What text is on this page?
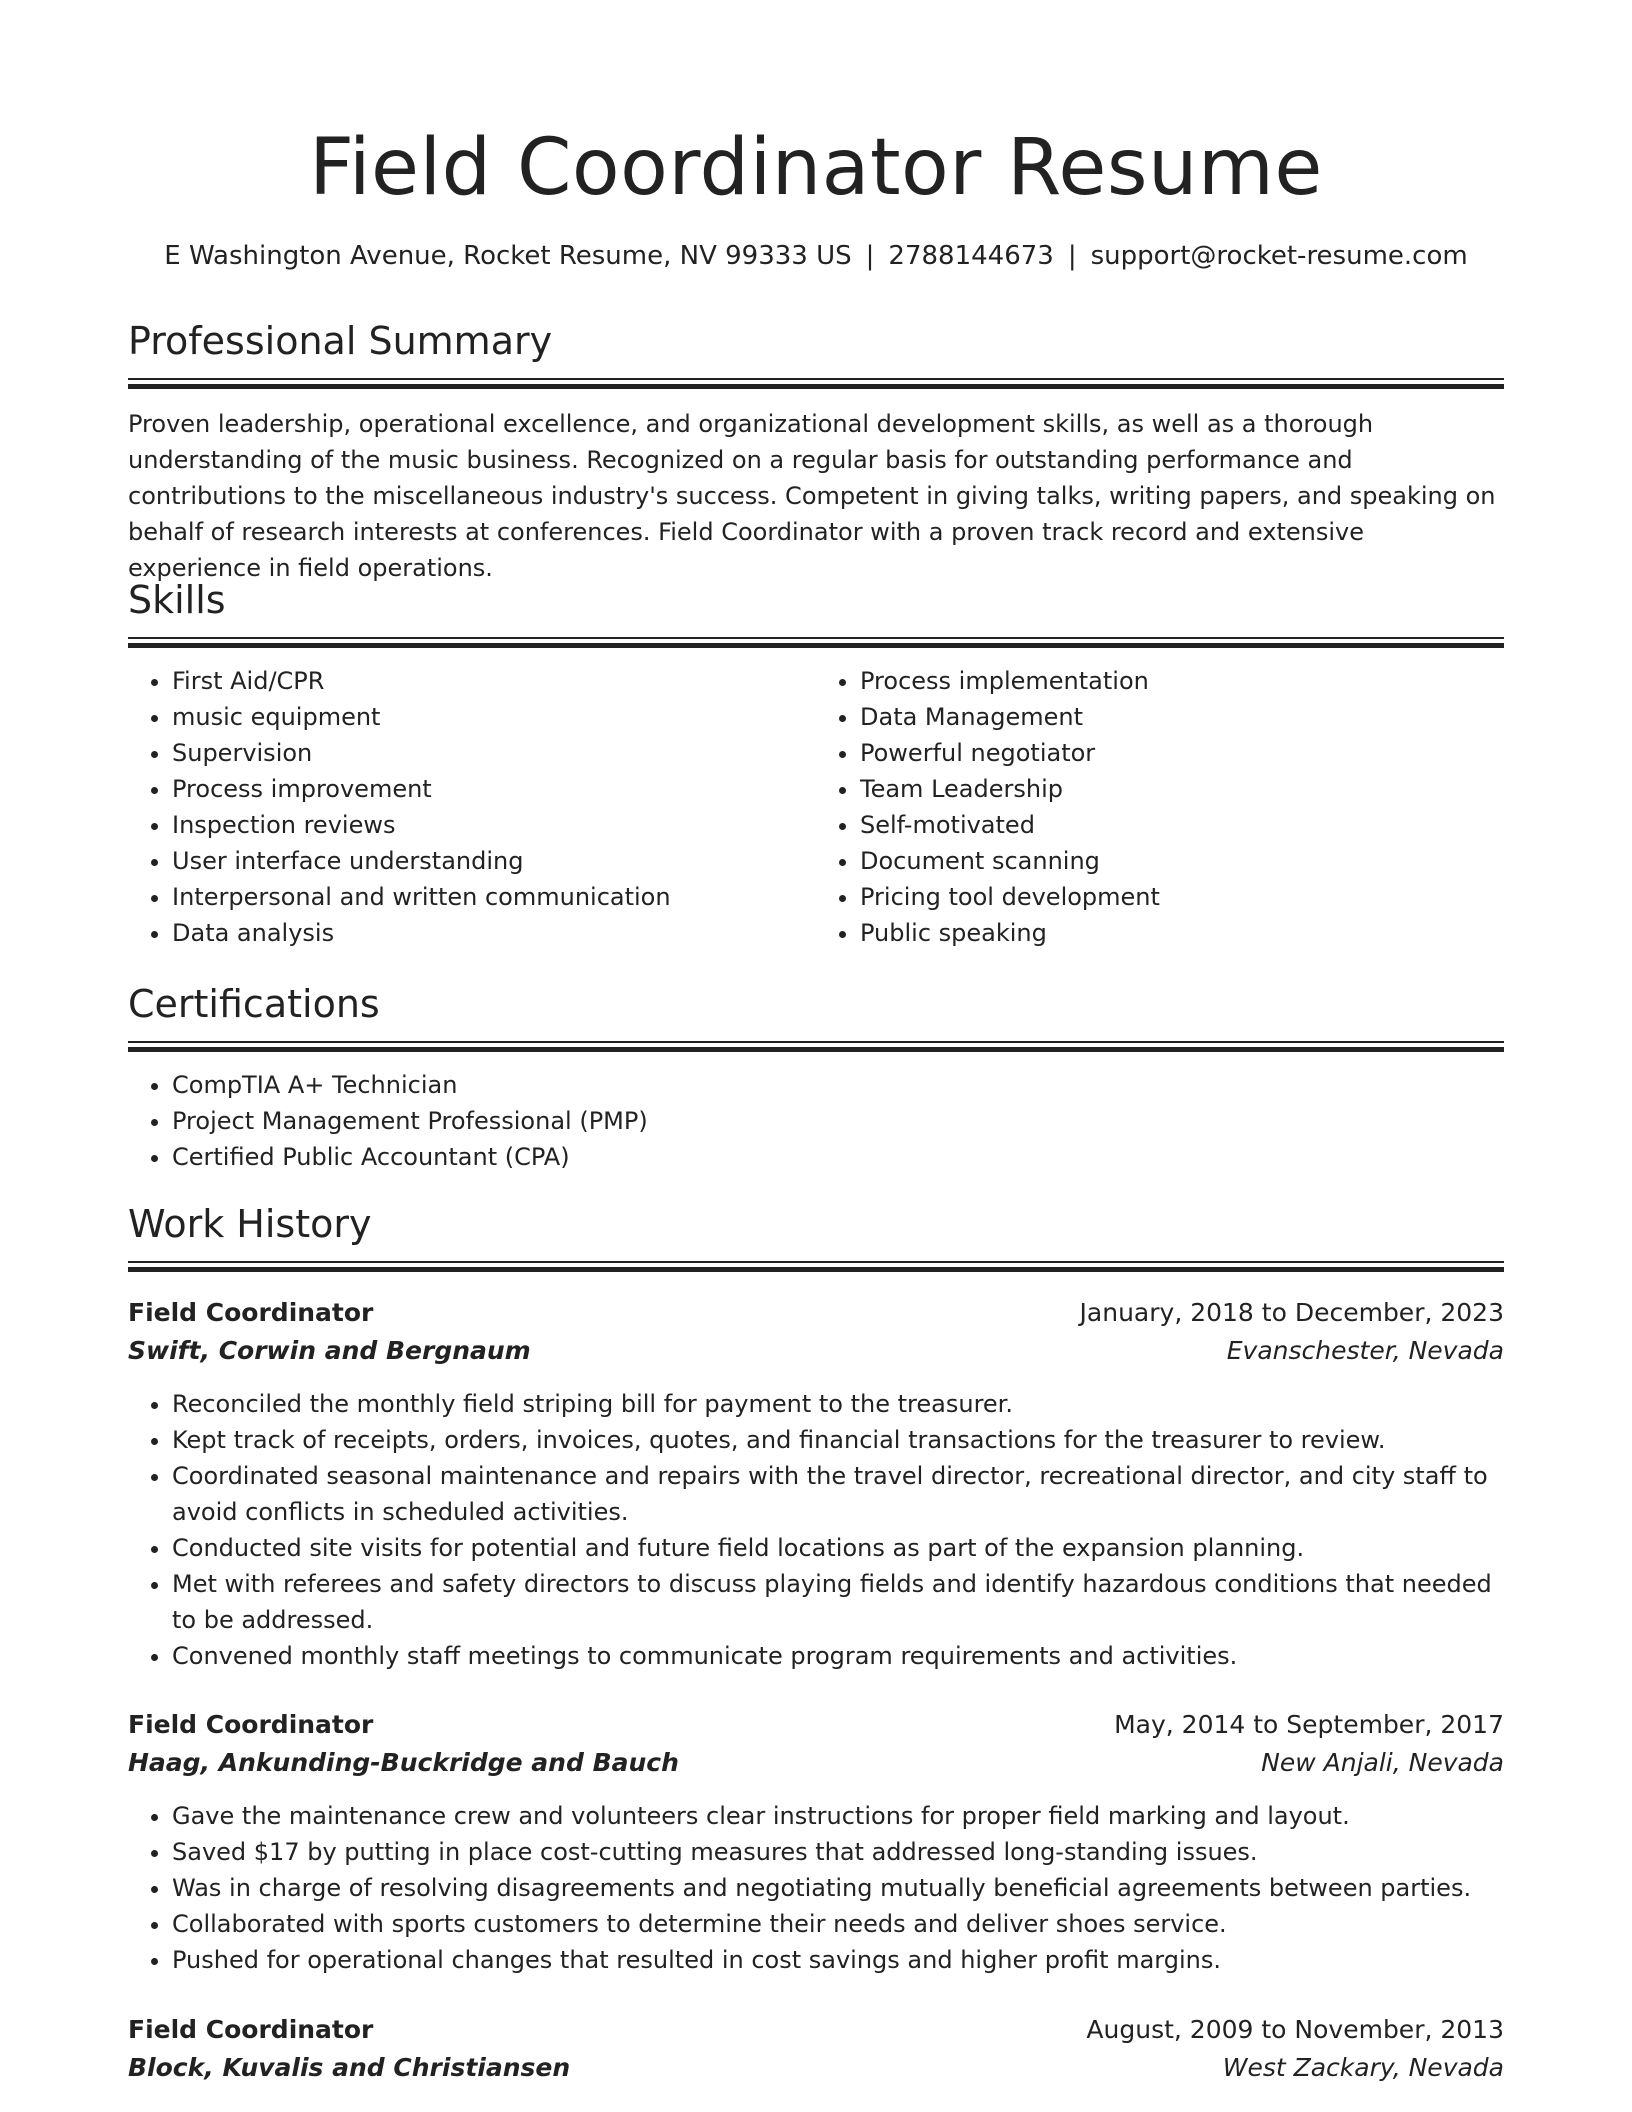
Field Coordinator Resume
E Washington Avenue, Rocket Resume, NV 99333 US | 2788144673 | support@rocket-resume.com
Professional Summary

Proven leadership, operational excellence, and organizational development skills, as well as a thorough understanding of the music business. Recognized on a regular basis for outstanding performance and contributions to the miscellaneous industry's success. Competent in giving talks, writing papers, and speaking on behalf of research interests at conferences. Field Coordinator with a proven track record and extensive experience in field operations.

Skills
• First Aid/CPR
• music equipment
• Supervision
• Process improvement
• Inspection reviews
• User interface understanding
• Interpersonal and written communication
• Data analysis
• Process implementation
• Data Management
• Powerful negotiator
• Team Leadership
• Self-motivated
• Document scanning
• Pricing tool development
• Public speaking
Certifications
• CompTIA A+ Technician
• Project Management Professional (PMP)
• Certified Public Accountant (CPA)
Work History
Field Coordinator	January, 2018 to December, 2023
Swift, Corwin and Bergnaum	Evanschester, Nevada
• Reconciled the monthly field striping bill for payment to the treasurer.
• Kept track of receipts, orders, invoices, quotes, and financial transactions for the treasurer to review.
• Coordinated seasonal maintenance and repairs with the travel director, recreational director, and city staff to avoid conflicts in scheduled activities.
• Conducted site visits for potential and future field locations as part of the expansion planning.
• Met with referees and safety directors to discuss playing fields and identify hazardous conditions that needed to be addressed.
• Convened monthly staff meetings to communicate program requirements and activities.
Field Coordinator	May, 2014 to September, 2017
Haag, Ankunding-Buckridge and Bauch	New Anjali, Nevada
• Gave the maintenance crew and volunteers clear instructions for proper field marking and layout.
• Saved $17 by putting in place cost-cutting measures that addressed long-standing issues.
• Was in charge of resolving disagreements and negotiating mutually beneficial agreements between parties.
• Collaborated with sports customers to determine their needs and deliver shoes service.
• Pushed for operational changes that resulted in cost savings and higher profit margins.
Field Coordinator	August, 2009 to November, 2013
Block, Kuvalis and Christiansen	West Zackary, Nevada
